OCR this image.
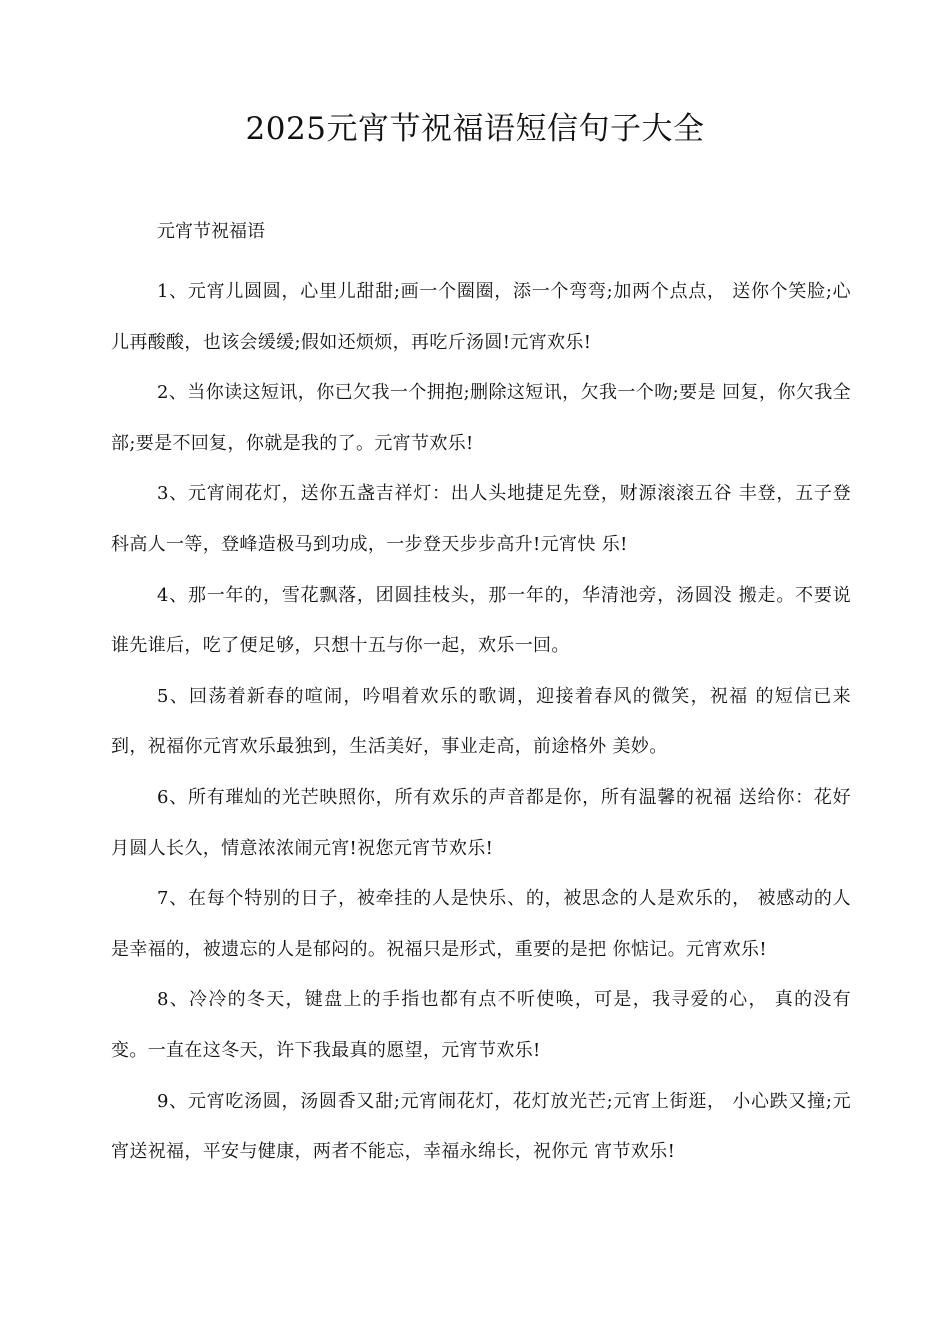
2025元宵节祝福语短信句子大全

元宵节祝福语

1、元宵儿圆圆，心里儿甜甜;画一个圈圈，添一个弯弯;加两个点点， 送你个笑脸;心儿再酸酸，也该会缓缓;假如还烦烦，再吃斤汤圆!元宵欢乐!

2、当你读这短讯，你已欠我一个拥抱;删除这短讯，欠我一个吻;要是 回复，你欠我全部;要是不回复，你就是我的了。元宵节欢乐!

3、元宵闹花灯，送你五盏吉祥灯：出人头地捷足先登，财源滚滚五谷 丰登，五子登科高人一等，登峰造极马到功成，一步登天步步高升!元宵快 乐!

4、那一年的，雪花飘落，团圆挂枝头，那一年的，华清池旁，汤圆没 搬走。不要说谁先谁后，吃了便足够，只想十五与你一起，欢乐一回。

5、回荡着新春的喧闹，吟唱着欢乐的歌调，迎接着春风的微笑，祝福 的短信已来到，祝福你元宵欢乐最独到，生活美好，事业走高，前途格外 美妙。

6、所有璀灿的光芒映照你，所有欢乐的声音都是你，所有温馨的祝福 送给你：花好月圆人长久，情意浓浓闹元宵!祝您元宵节欢乐!

7、在每个特别的日子，被牵挂的人是快乐、的，被思念的人是欢乐的， 被感动的人是幸福的，被遗忘的人是郁闷的。祝福只是形式，重要的是把 你惦记。元宵欢乐!

8、冷冷的冬天，键盘上的手指也都有点不听使唤，可是，我寻爱的心， 真的没有变。一直在这冬天，许下我最真的愿望，元宵节欢乐!

9、元宵吃汤圆，汤圆香又甜;元宵闹花灯，花灯放光芒;元宵上街逛， 小心跌又撞;元宵送祝福，平安与健康，两者不能忘，幸福永绵长，祝你元 宵节欢乐!
